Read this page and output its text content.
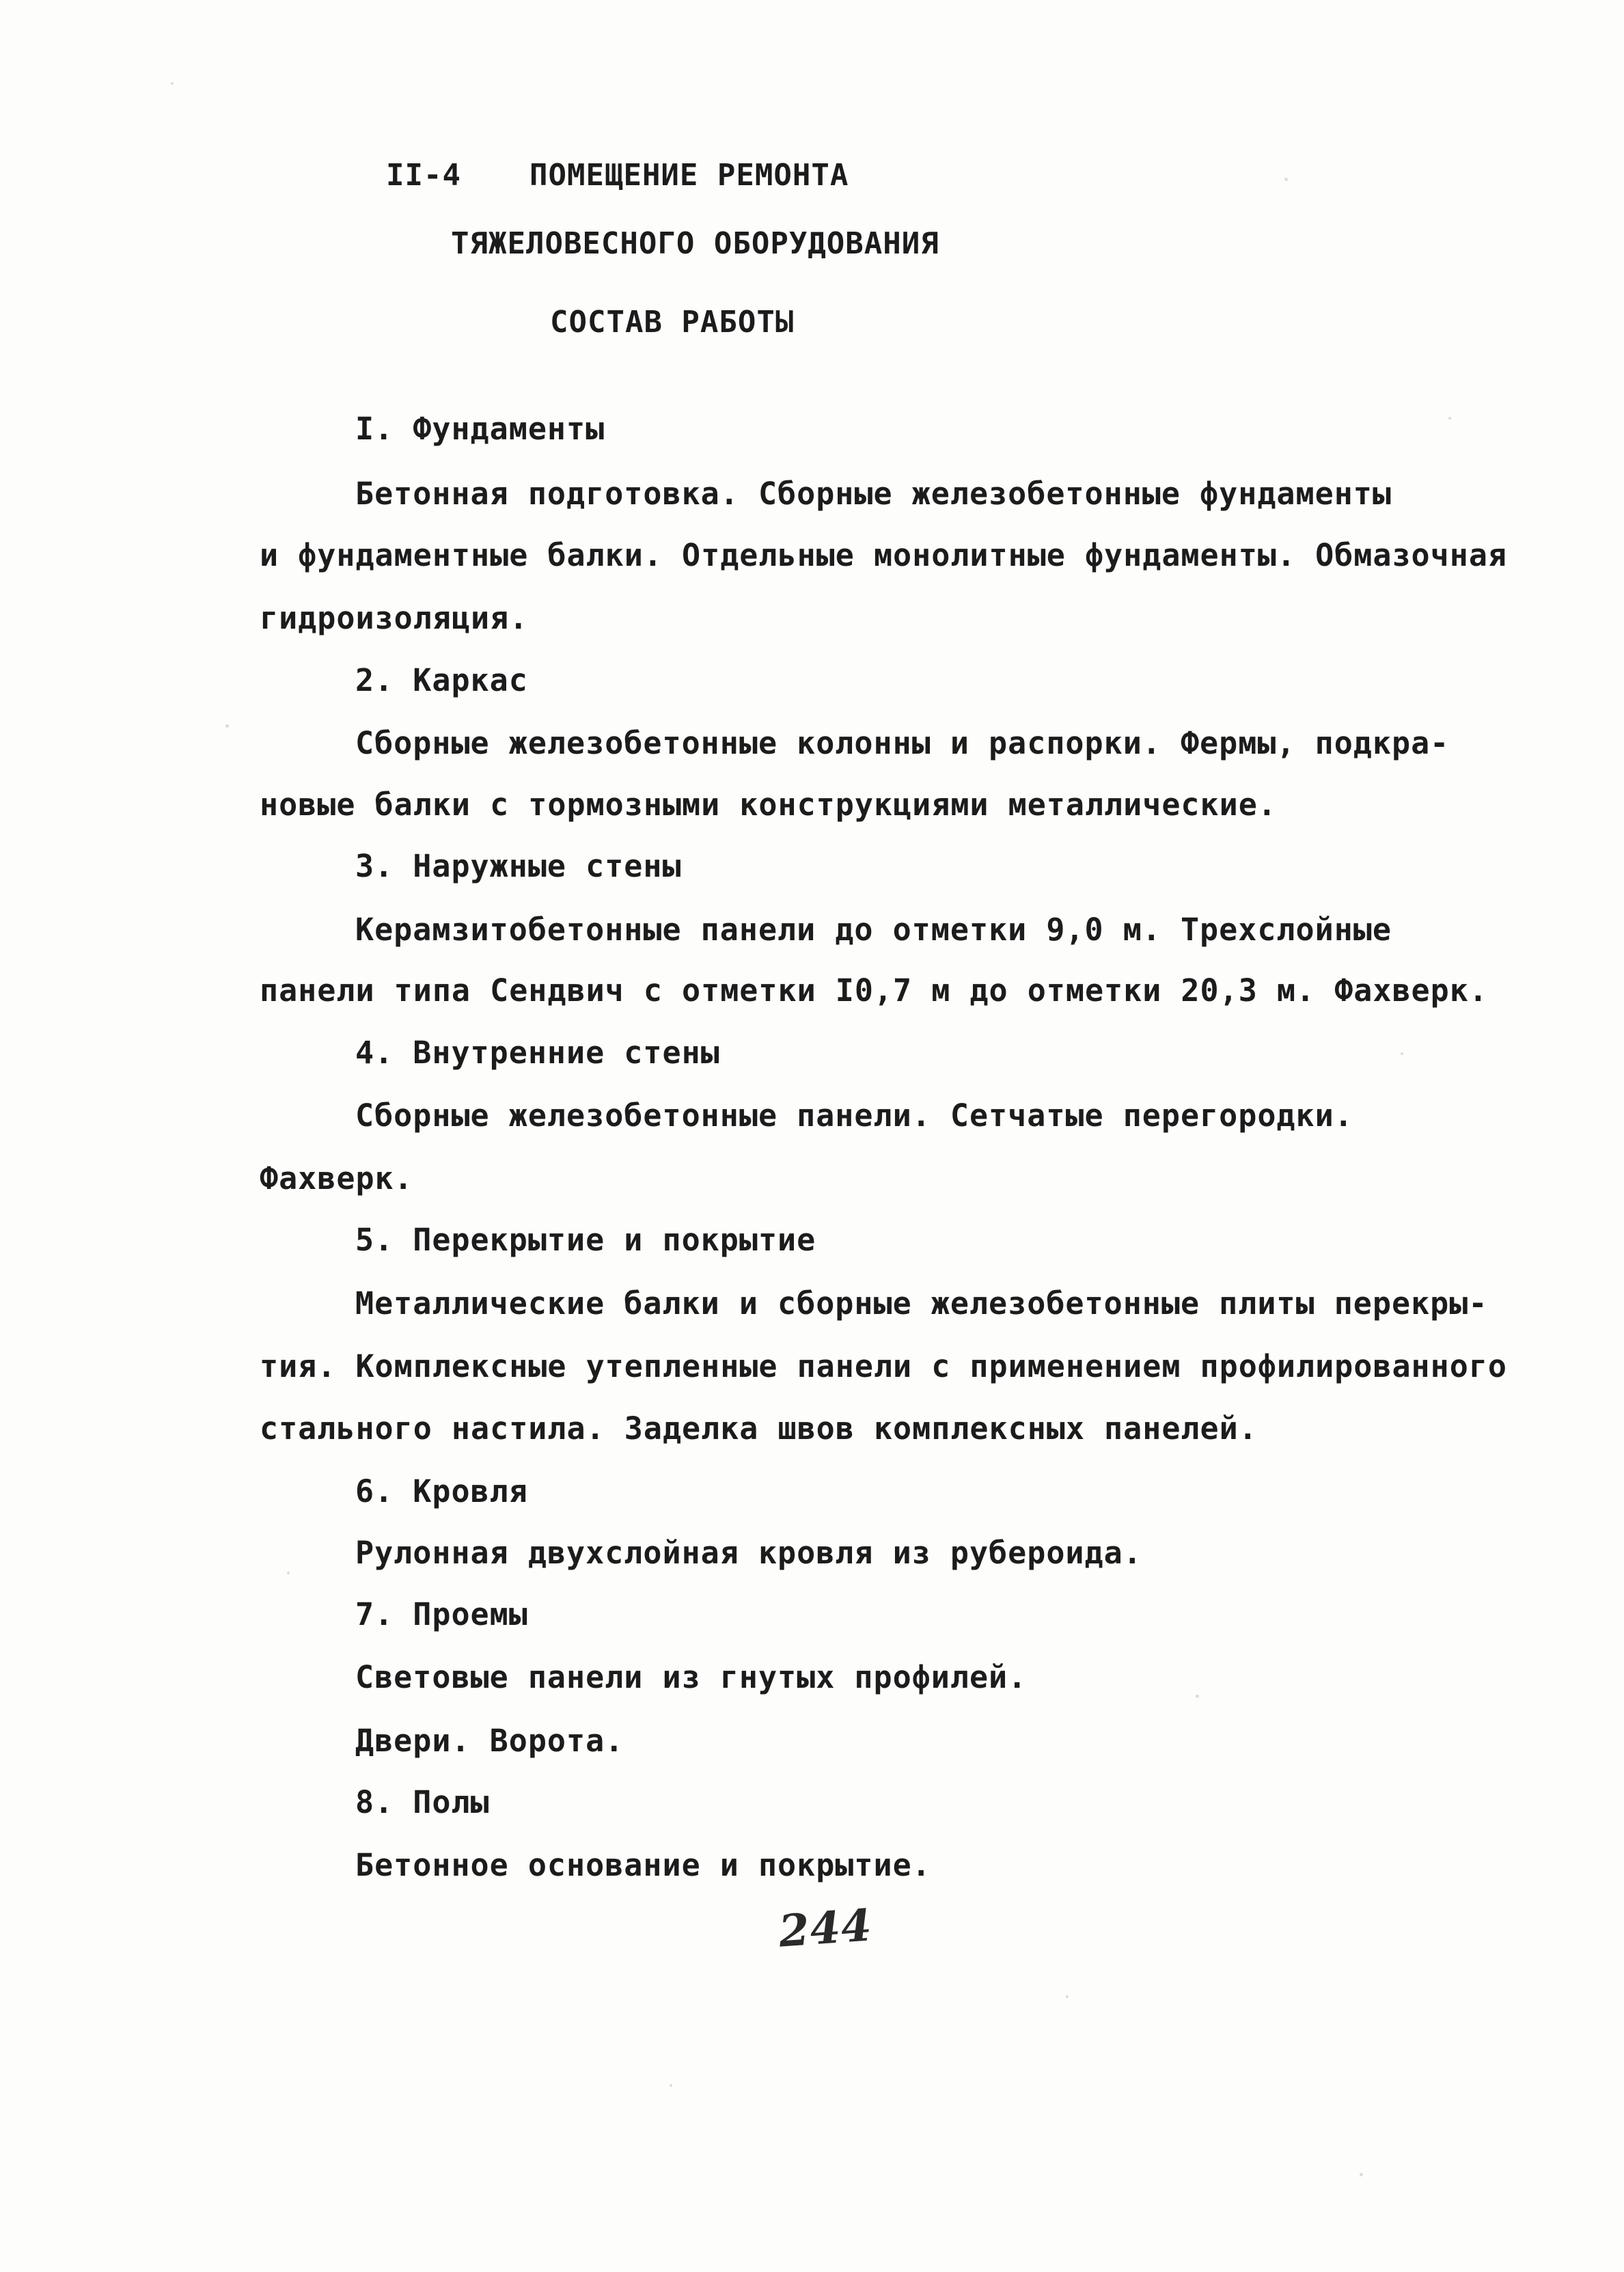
II-4 ПОМЕЩЕНИЕ РЕМОНТА
ТЯЖЕЛОВЕСНОГО ОБОРУДОВАНИЯ
СОСТАВ РАБОТЫ
I. Фундаменты
Бетонная подготовка. Сборные железобетонные фундаменты
и фундаментные балки. Отдельные монолитные фундаменты. Обмазочная
гидроизоляция.
2. Каркас
Сборные железобетонные колонны и распорки. Фермы, подкра-
новые балки с тормозными конструкциями металлические.
3. Наружные стены
Керамзитобетонные панели до отметки 9,0 м. Трехслойные
панели типа Сендвич с отметки I0,7 м до отметки 20,3 м. Фахверк.
4. Внутренние стены
Сборные железобетонные панели. Сетчатые перегородки.
Фахверк.
5. Перекрытие и покрытие
Металлические балки и сборные железобетонные плиты перекры-
тия. Комплексные утепленные панели с применением профилированного
стального настила. Заделка швов комплексных панелей.
6. Кровля
Рулонная двухслойная кровля из рубероида.
7. Проемы
Световые панели из гнутых профилей.
Двери. Ворота.
8. Полы
Бетонное основание и покрытие.
244
